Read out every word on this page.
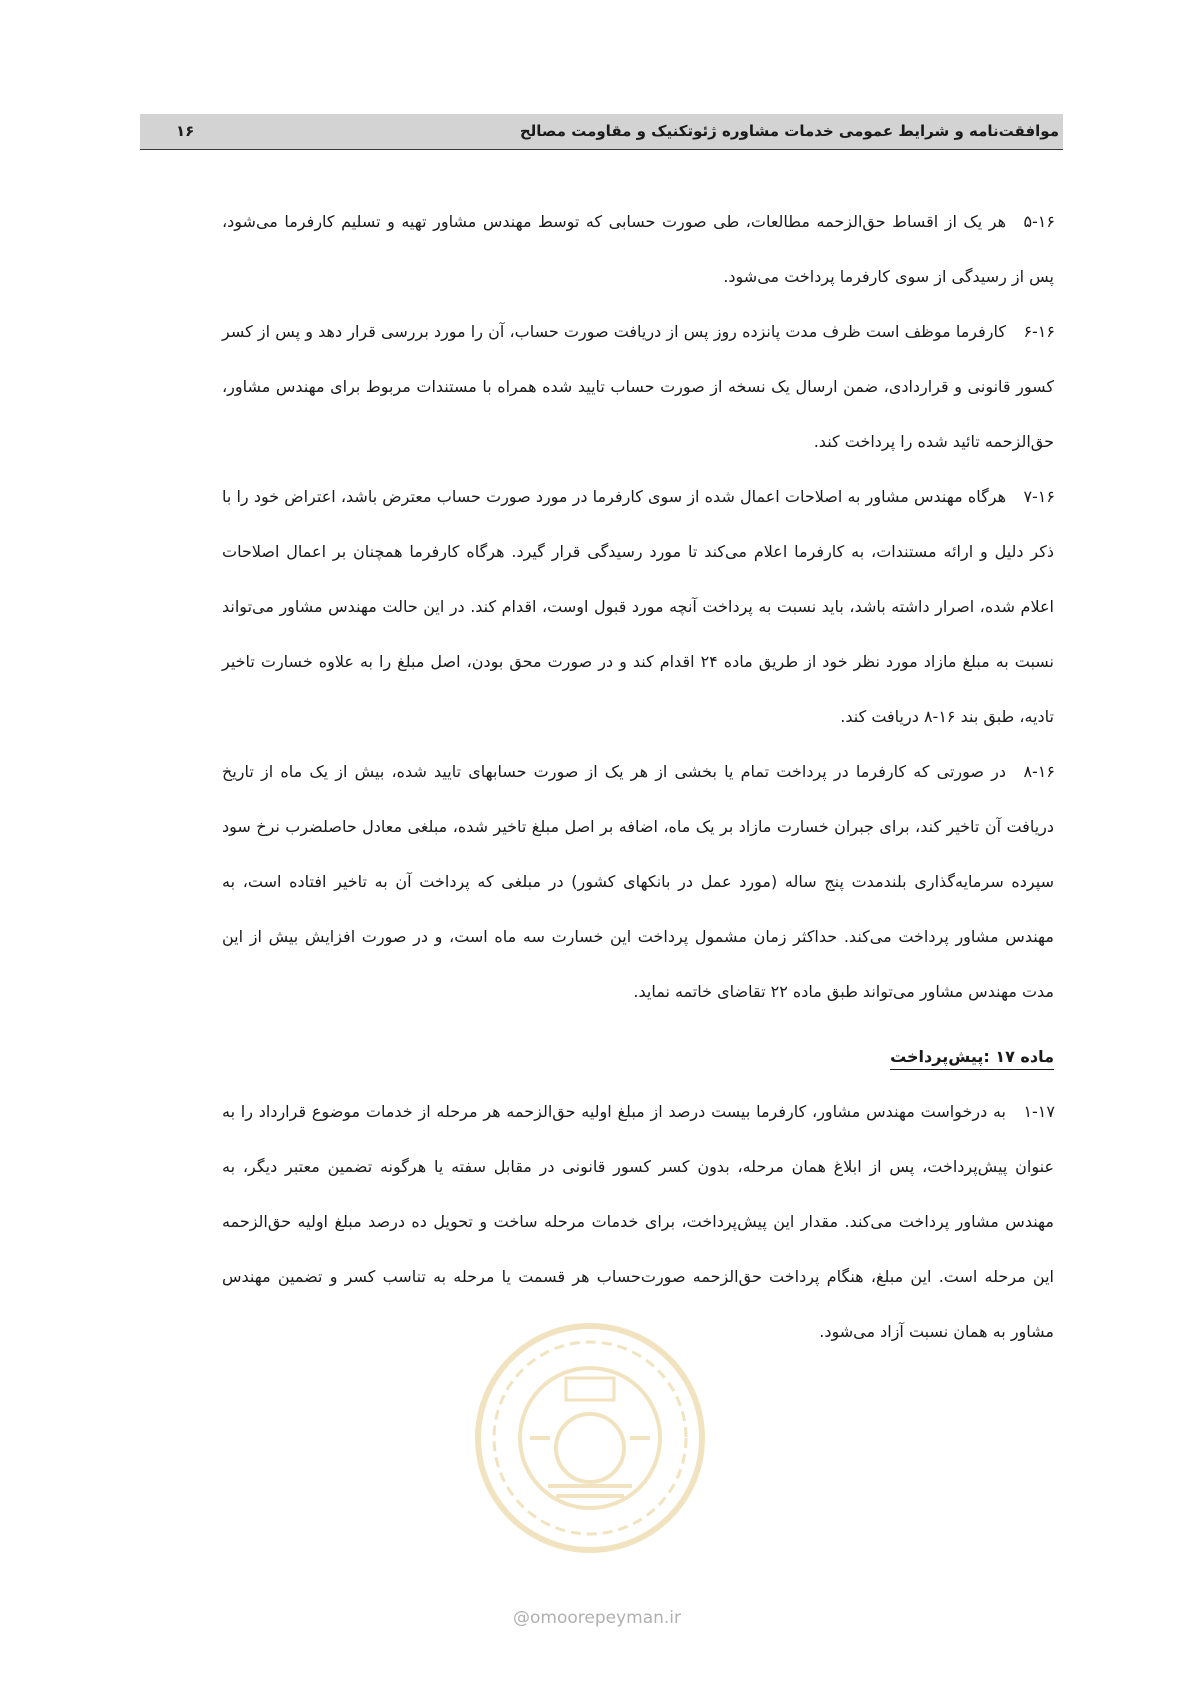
موافقت‌نامه و شرایط عمومی خدمات مشاوره ژئوتکنیک و مقاومت مصالح
۱۶
۵-۱۶
هر یک از اقساط حق‌الزحمه مطالعات، طی صورت حسابی که توسط مهندس مشاور تهیه و تسلیم کارفرما می‌شود، پس از رسیدگی از سوی کارفرما پرداخت می‌شود.
۶-۱۶
کارفرما موظف است ظرف مدت پانزده روز پس از دریافت صورت حساب، آن را مورد بررسی قرار دهد و پس از کسر کسور قانونی و قراردادی، ضمن ارسال یک نسخه از صورت حساب تایید شده همراه با مستندات مربوط برای مهندس مشاور، حق‌الزحمه تائید شده را پرداخت کند.
۷-۱۶
هرگاه مهندس مشاور به اصلاحات اعمال شده از سوی کارفرما در مورد صورت حساب معترض باشد، اعتراض خود را با ذکر دلیل و ارائه مستندات، به کارفرما اعلام می‌کند تا مورد رسیدگی قرار گیرد. هرگاه کارفرما همچنان بر اعمال اصلاحات اعلام شده، اصرار داشته باشد، باید نسبت به پرداخت آنچه مورد قبول اوست، اقدام کند. در این حالت مهندس مشاور می‌تواند نسبت به مبلغ مازاد مورد نظر خود از طریق ماده ۲۴ اقدام کند و در صورت محق بودن، اصل مبلغ را به علاوه خسارت تاخیر تادیه، طبق بند ۱۶-۸ دریافت کند.
۸-۱۶
در صورتی که کارفرما در پرداخت تمام یا بخشی از هر یک از صورت حسابهای تایید شده، بیش از یک ماه از تاریخ دریافت آن تاخیر کند، برای جبران خسارت مازاد بر یک ماه، اضافه بر اصل مبلغ تاخیر شده، مبلغی معادل حاصلضرب نرخ سود سپرده سرمایه‌گذاری بلندمدت پنج ساله (مورد عمل در بانکهای کشور) در مبلغی که پرداخت آن به تاخیر افتاده است، به مهندس مشاور پرداخت می‌کند. حداکثر زمان مشمول پرداخت این خسارت سه ماه است، و در صورت افزایش بیش از این مدت مهندس مشاور می‌تواند طبق ماده ۲۲ تقاضای خاتمه نماید.
ماده ۱۷ :پیش‌پرداخت
۱-۱۷
به درخواست مهندس مشاور، کارفرما بیست درصد از مبلغ اولیه حق‌الزحمه هر مرحله از خدمات موضوع قرارداد را به عنوان پیش‌پرداخت، پس از ابلاغ همان مرحله، بدون کسر کسور قانونی در مقابل سفته یا هرگونه تضمین معتبر دیگر، به مهندس مشاور پرداخت می‌کند. مقدار این پیش‌پرداخت، برای خدمات مرحله ساخت و تحویل ده درصد مبلغ اولیه حق‌الزحمه این مرحله است. این مبلغ، هنگام پرداخت حق‌الزحمه صورت‌حساب هر قسمت یا مرحله به تناسب کسر و تضمین مهندس مشاور به همان نسبت آزاد می‌شود.
@omoorepeyman.ir
